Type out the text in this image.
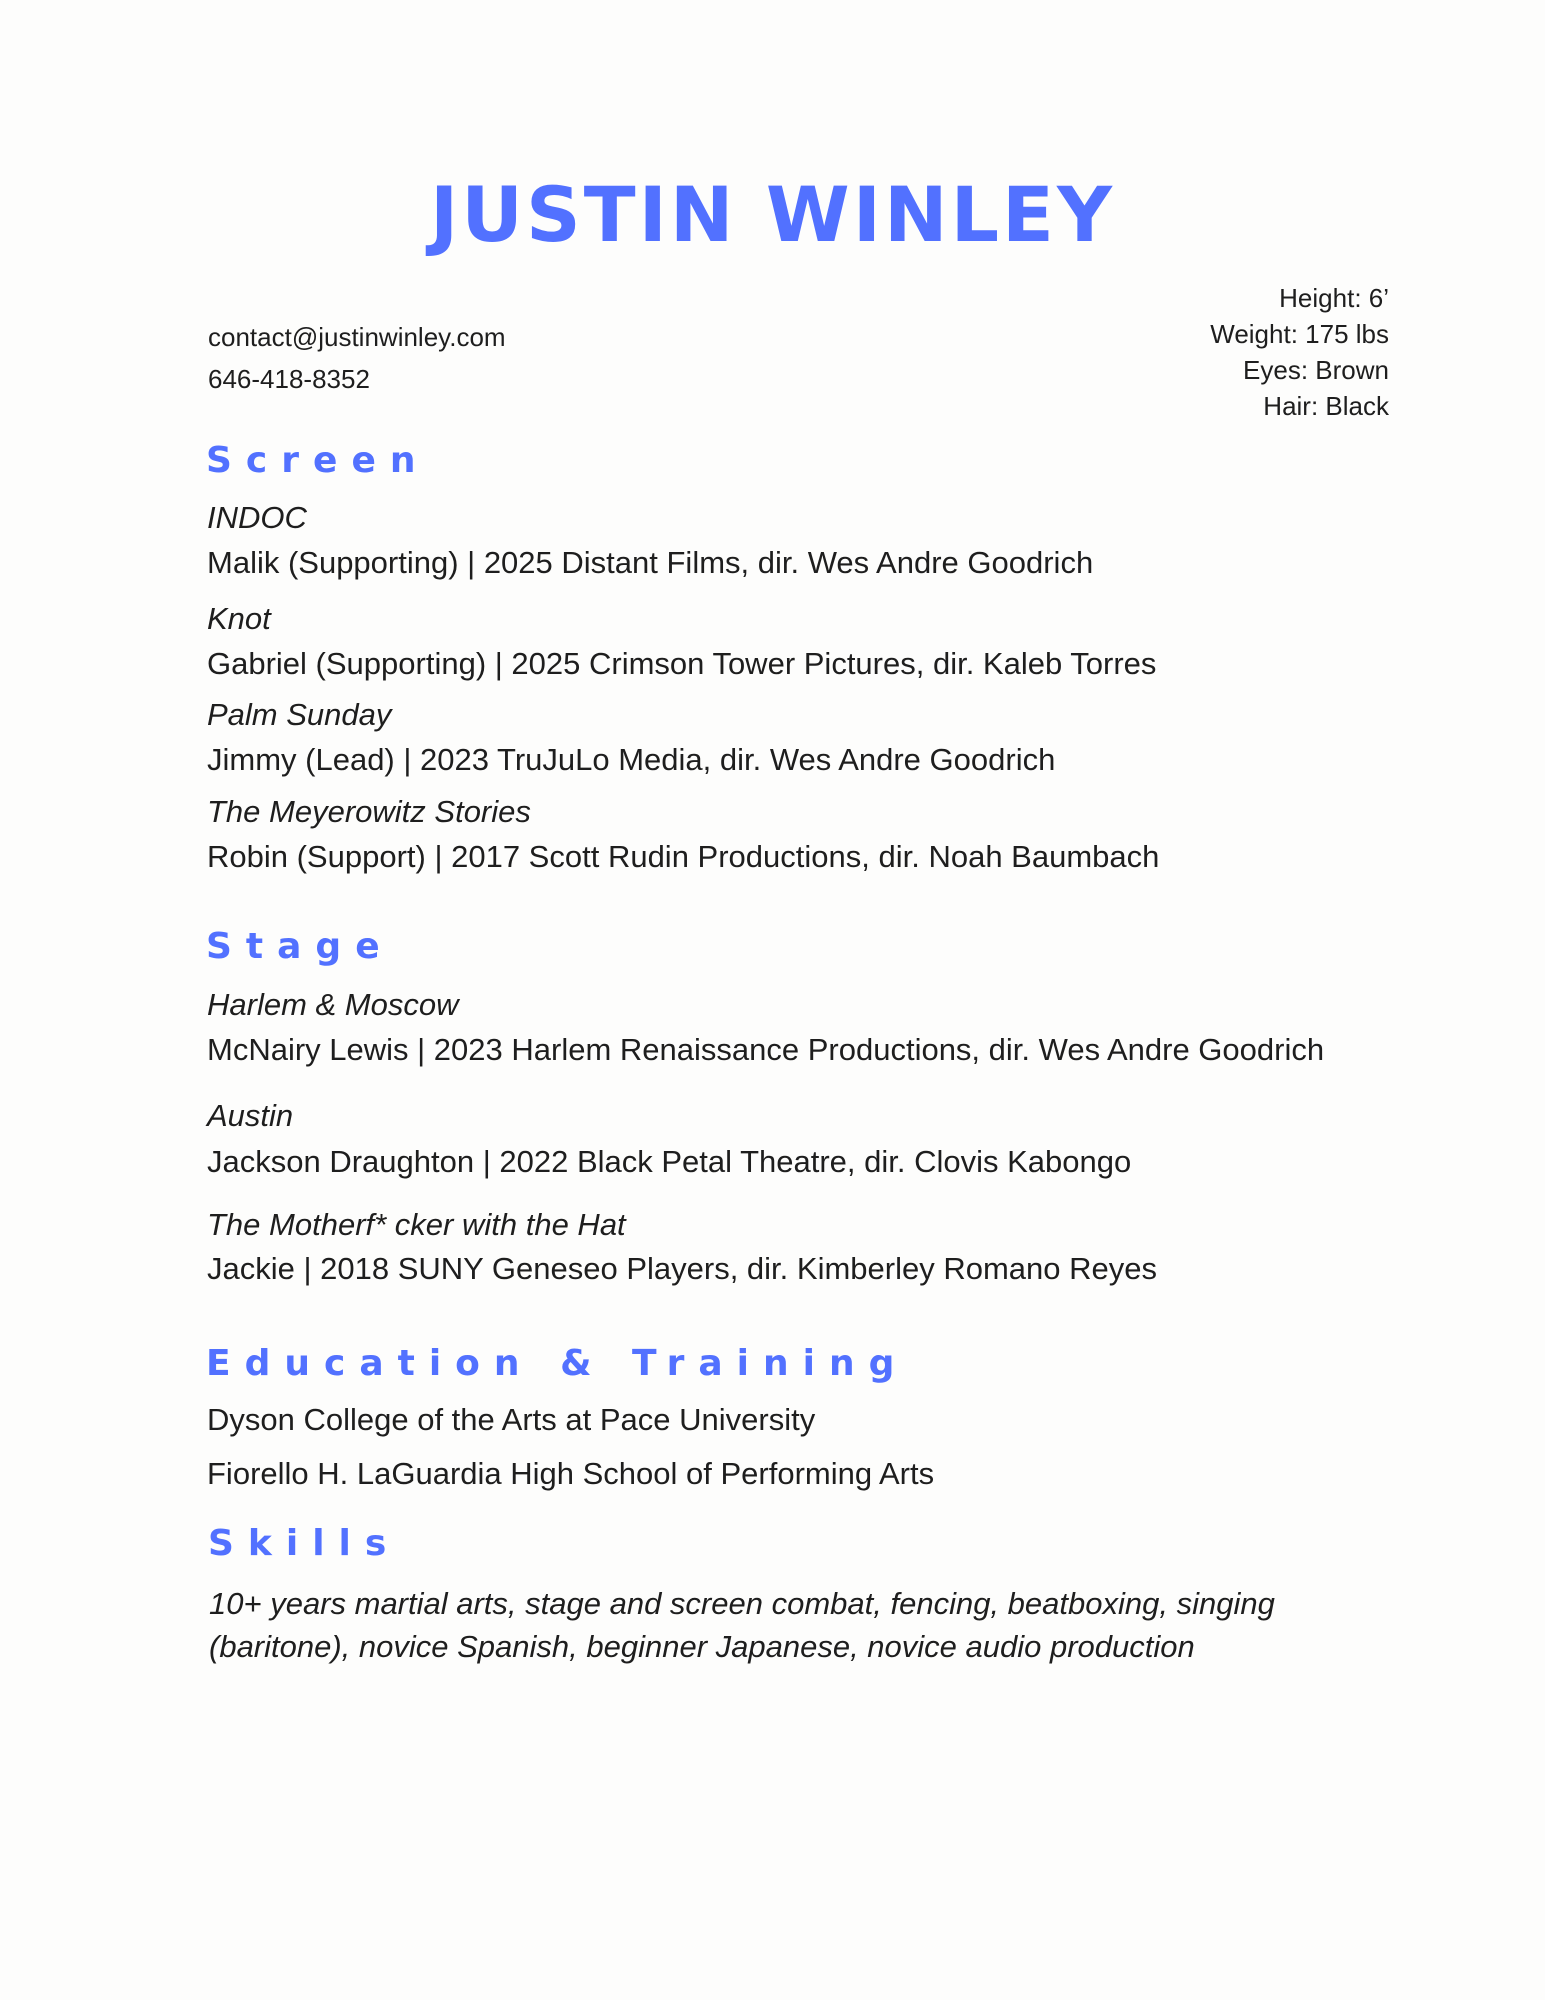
JUSTIN WINLEY
contact@justinwinley.com
646-418-8352
Height: 6’
Weight: 175 lbs
Eyes: Brown
Hair: Black
Screen
INDOC
Malik (Supporting) | 2025 Distant Films, dir. Wes Andre Goodrich
Knot
Gabriel (Supporting) | 2025 Crimson Tower Pictures, dir. Kaleb Torres
Palm Sunday
Jimmy (Lead) | 2023 TruJuLo Media, dir. Wes Andre Goodrich
The Meyerowitz Stories
Robin (Support) | 2017 Scott Rudin Productions, dir. Noah Baumbach
Stage
Harlem & Moscow
McNairy Lewis | 2023 Harlem Renaissance Productions, dir. Wes Andre Goodrich
Austin
Jackson Draughton | 2022 Black Petal Theatre, dir. Clovis Kabongo
The Motherf* cker with the Hat
Jackie | 2018 SUNY Geneseo Players, dir. Kimberley Romano Reyes
Education & Training
Dyson College of the Arts at Pace University
Fiorello H. LaGuardia High School of Performing Arts
Skills
10+ years martial arts, stage and screen combat, fencing, beatboxing, singing (baritone), novice Spanish, beginner Japanese, novice audio production
